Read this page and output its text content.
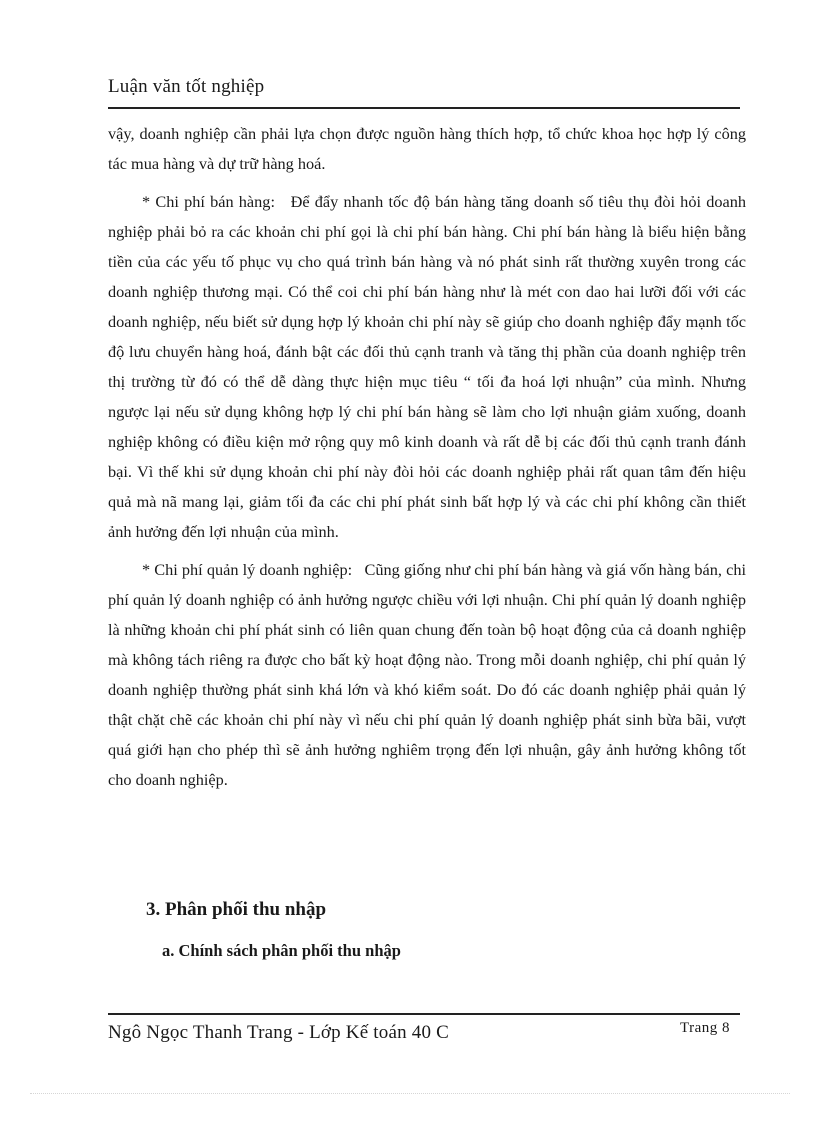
Luận văn tốt nghiệp

vậy, doanh nghiệp cần phải lựa chọn được nguồn hàng thích hợp, tổ chức khoa học hợp lý công tác mua hàng và dự trữ hàng hoá.

* Chi phí bán hàng: Để đẩy nhanh tốc độ bán hàng tăng doanh số tiêu thụ đòi hỏi doanh nghiệp phải bỏ ra các khoản chi phí gọi là chi phí bán hàng. Chi phí bán hàng là biểu hiện bằng tiền của các yếu tố phục vụ cho quá trình bán hàng và nó phát sinh rất thường xuyên trong các doanh nghiệp thương mại. Có thể coi chi phí bán hàng như là mét con dao hai lưỡi đối với các doanh nghiệp, nếu biết sử dụng hợp lý khoản chi phí này sẽ giúp cho doanh nghiệp đẩy mạnh tốc độ lưu chuyển hàng hoá, đánh bật các đối thủ cạnh tranh và tăng thị phần của doanh nghiệp trên thị trường từ đó có thể dễ dàng thực hiện mục tiêu “ tối đa hoá lợi nhuận” của mình. Nhưng ngược lại nếu sử dụng không hợp lý chi phí bán hàng sẽ làm cho lợi nhuận giảm xuống, doanh nghiệp không có điều kiện mở rộng quy mô kinh doanh và rất dễ bị các đối thủ cạnh tranh đánh bại. Vì thế khi sử dụng khoản chi phí này đòi hỏi các doanh nghiệp phải rất quan tâm đến hiệu quả mà nã mang lại, giảm tối đa các chi phí phát sinh bất hợp lý và các chi phí không cần thiết ảnh hưởng đến lợi nhuận của mình.

* Chi phí quản lý doanh nghiệp: Cũng giống như chi phí bán hàng và giá vốn hàng bán, chi phí quản lý doanh nghiệp có ảnh hưởng ngược chiều với lợi nhuận. Chi phí quản lý doanh nghiệp là những khoản chi phí phát sinh có liên quan chung đến toàn bộ hoạt động của cả doanh nghiệp mà không tách riêng ra được cho bất kỳ hoạt động nào. Trong mỗi doanh nghiệp, chi phí quản lý doanh nghiệp thường phát sinh khá lớn và khó kiểm soát. Do đó các doanh nghiệp phải quản lý thật chặt chẽ các khoản chi phí này vì nếu chi phí quản lý doanh nghiệp phát sinh bừa bãi, vượt quá giới hạn cho phép thì sẽ ảnh hưởng nghiêm trọng đến lợi nhuận, gây ảnh hưởng không tốt cho doanh nghiệp.

3. Phân phối thu nhập
a. Chính sách phân phối thu nhập
Ngô Ngọc Thanh Trang - Lớp Kế toán 40 C	Trang 8
